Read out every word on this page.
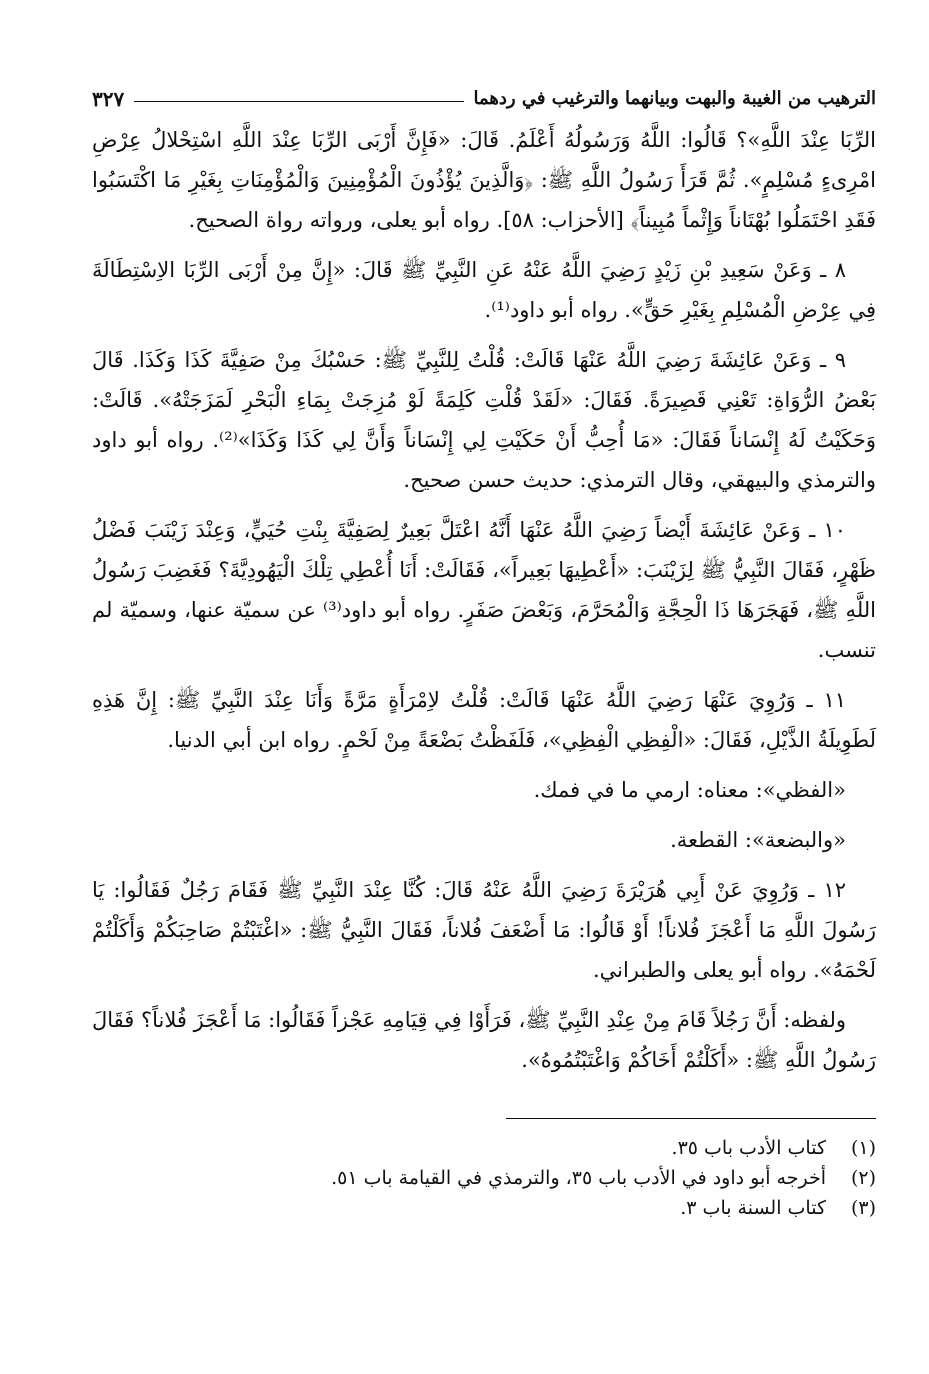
الترهيب من الغيبة والبهت وبيانهما والترغيب في ردهما
٣٢٧

الرِّبَا عِنْدَ اللَّهِ»؟ قَالُوا: اللَّهُ وَرَسُولُهُ أَعْلَمُ. قَالَ: «فَإِنَّ أَرْبَى الرِّبَا عِنْدَ اللَّهِ اسْتِحْلالُ عِرْضِ امْرِىءٍ مُسْلِمٍ». ثُمَّ قَرَأَ رَسُولُ اللَّهِ ﷺ: ﴿وَالَّذِينَ يُؤْذُونَ الْمُؤْمِنِينَ وَالْمُؤْمِنَاتِ بِغَيْرِ مَا اكْتَسَبُوا فَقَدِ احْتَمَلُوا بُهْتَاناً وَإِثْماً مُبِيناً﴾ [الأحزاب: ٥٨]. رواه أبو يعلى، ورواته رواة الصحيح.

٨ ـ وَعَنْ سَعِيدِ بْنِ زَيْدٍ رَضِيَ اللَّهُ عَنْهُ عَنِ النَّبِيِّ ﷺ قَالَ: «إِنَّ مِنْ أَرْبَى الرِّبَا الاِسْتِطَالَةَ فِي عِرْضِ الْمُسْلِمِ بِغَيْرِ حَقٍّ». رواه أبو داود⁽¹⁾.

٩ ـ وَعَنْ عَائِشَةَ رَضِيَ اللَّهُ عَنْهَا قَالَتْ: قُلْتُ لِلنَّبِيِّ ﷺ: حَسْبُكَ مِنْ صَفِيَّةَ كَذَا وَكَذَا. قَالَ بَعْضُ الرُّوَاةِ: تَعْنِي قَصِيرَةً. فَقَالَ: «لَقَدْ قُلْتِ كَلِمَةً لَوْ مُزِجَتْ بِمَاءِ الْبَحْرِ لَمَزَجَتْهُ». قَالَتْ: وَحَكَيْتُ لَهُ إِنْسَاناً فَقَالَ: «مَا أُحِبُّ أَنْ حَكَيْتِ لِي إِنْسَاناً وَأَنَّ لِي كَذَا وَكَذَا»⁽²⁾. رواه أبو داود والترمذي والبيهقي، وقال الترمذي: حديث حسن صحيح.

١٠ ـ وَعَنْ عَائِشَةَ أَيْضاً رَضِيَ اللَّهُ عَنْهَا أَنَّهُ اعْتَلَّ بَعِيرٌ لِصَفِيَّةَ بِنْتِ حُيَيٍّ، وَعِنْدَ زَيْنَبَ فَضْلُ ظَهْرٍ، فَقَالَ النَّبِيُّ ﷺ لِزَيْنَبَ: «أَعْطِيهَا بَعِيراً»، فَقَالَتْ: أَنَا أُعْطِي تِلْكَ الْيَهُودِيَّةَ؟ فَغَضِبَ رَسُولُ اللَّهِ ﷺ، فَهَجَرَهَا ذَا الْحِجَّةِ وَالْمُحَرَّمَ، وَبَعْضَ صَفَرٍ. رواه أبو داود⁽³⁾ عن سميّة عنها، وسميّة لم تنسب.

١١ ـ وَرُوِيَ عَنْهَا رَضِيَ اللَّهُ عَنْهَا قَالَتْ: قُلْتُ لاِمْرَأَةٍ مَرَّةً وَأَنَا عِنْدَ النَّبِيِّ ﷺ: إِنَّ هَذِهِ لَطَوِيلَةُ الذَّيْلِ، فَقَالَ: «الْفِظِي الْفِظِي»، فَلَفَظْتُ بَضْعَةً مِنْ لَحْمٍ. رواه ابن أبي الدنيا.

«الفظي»: معناه: ارمي ما في فمك.

«والبضعة»: القطعة.

١٢ ـ وَرُوِيَ عَنْ أَبِي هُرَيْرَةَ رَضِيَ اللَّهُ عَنْهُ قَالَ: كُنَّا عِنْدَ النَّبِيِّ ﷺ فَقَامَ رَجُلٌ فَقَالُوا: يَا رَسُولَ اللَّهِ مَا أَعْجَزَ فُلاناً! أَوْ قَالُوا: مَا أَضْعَفَ فُلاناً، فَقَالَ النَّبِيُّ ﷺ: «اغْتَبْتُمْ صَاحِبَكُمْ وَأَكَلْتُمْ لَحْمَهُ». رواه أبو يعلى والطبراني.

ولفظه: أَنَّ رَجُلاً قَامَ مِنْ عِنْدِ النَّبِيِّ ﷺ، فَرَأَوْا فِي قِيَامِهِ عَجْزاً فَقَالُوا: مَا أَعْجَزَ فُلاناً؟ فَقَالَ رَسُولُ اللَّهِ ﷺ: «أَكَلْتُمْ أَخَاكُمْ وَاغْتَبْتُمُوهُ».

(١)
كتاب الأدب باب ٣٥.
(٢)
أخرجه أبو داود في الأدب باب ٣٥، والترمذي في القيامة باب ٥١.
(٣)
كتاب السنة باب ٣.
